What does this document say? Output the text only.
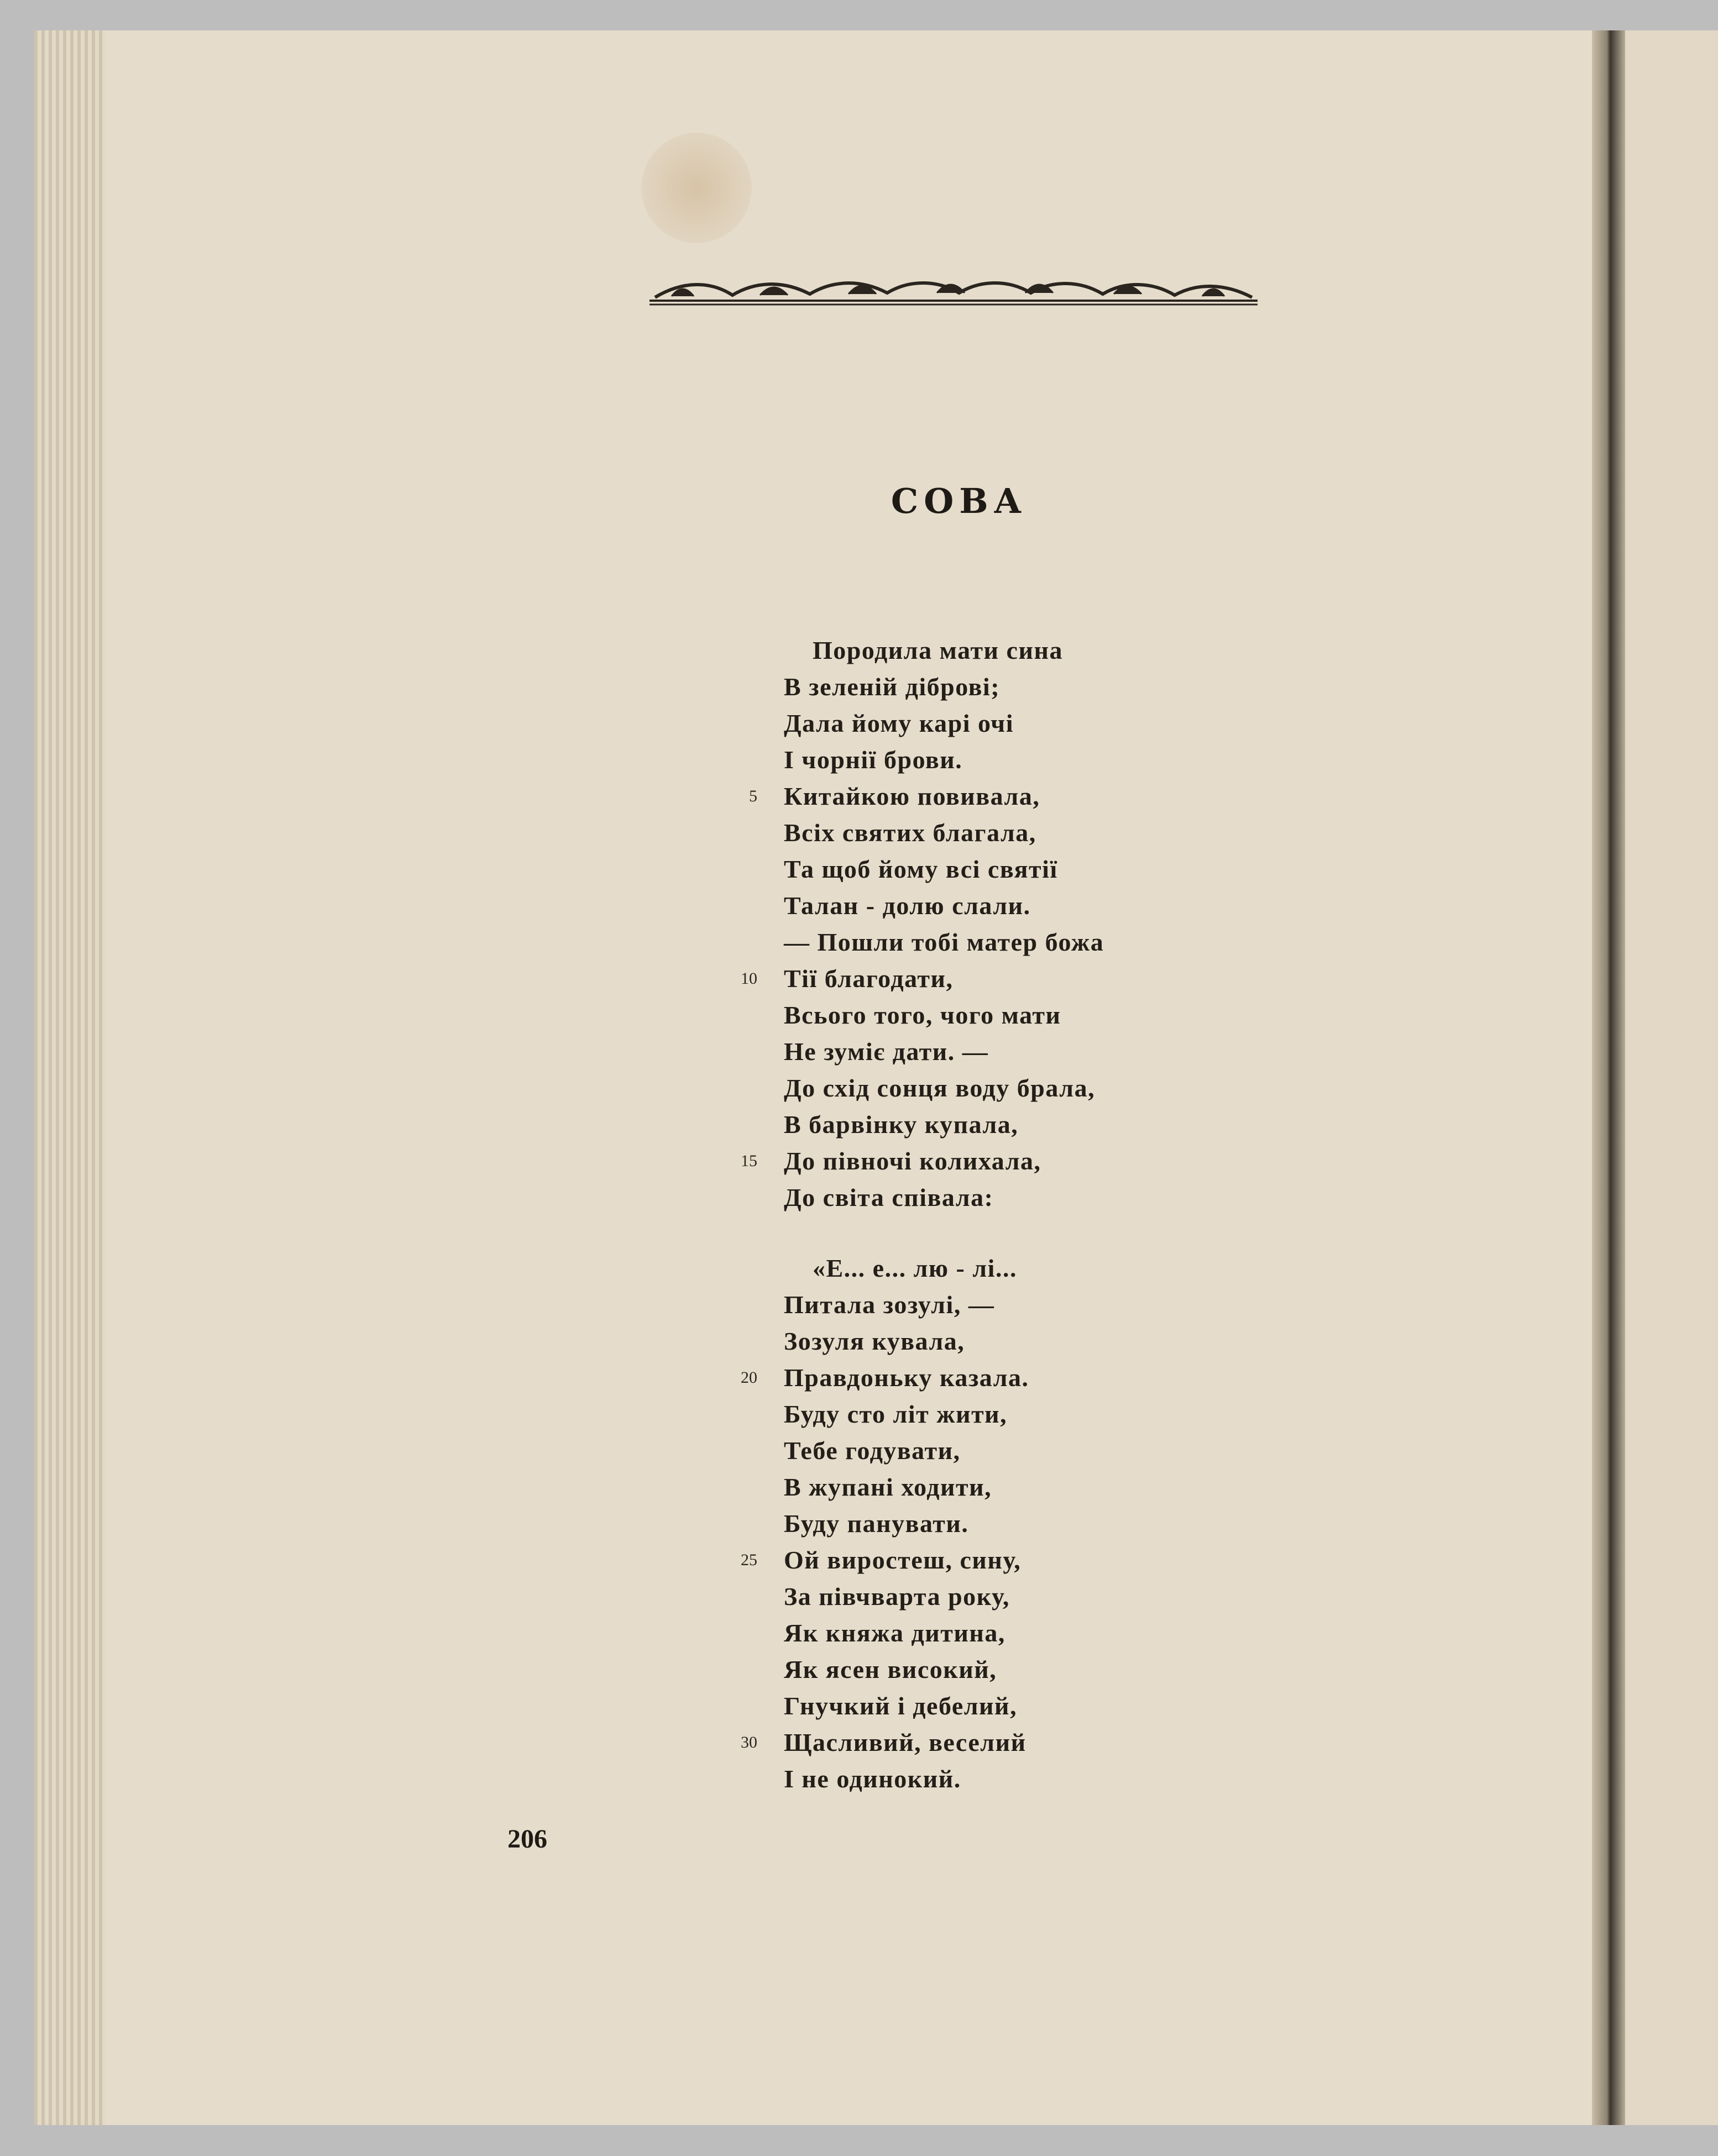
СОВА
Породила мати сина
В зеленій діброві;
Дала йому карі очі
І чорнії брови.
Китайкою повивала,
Всіх святих благала,
Та щоб йому всі святії
Талан - долю слали.
— Пошли тобі матер божа
Тії благодати,
Всього того, чого мати
Не зуміє дати. —
До схід сонця воду брала,
В барвінку купала,
До півночі колихала,
До світа співала:
«Е... е... лю - лі...
Питала зозулі, —
Зозуля кувала,
Правдоньку казала.
Буду сто літ жити,
Тебе годувати,
В жупані ходити,
Буду панувати.
Ой виростеш, сину,
За півчварта року,
Як княжа дитина,
Як ясен високий,
Гнучкий і дебелий,
Щасливий, веселий
І не одинокий.
5
10
15
20
25
30
206
